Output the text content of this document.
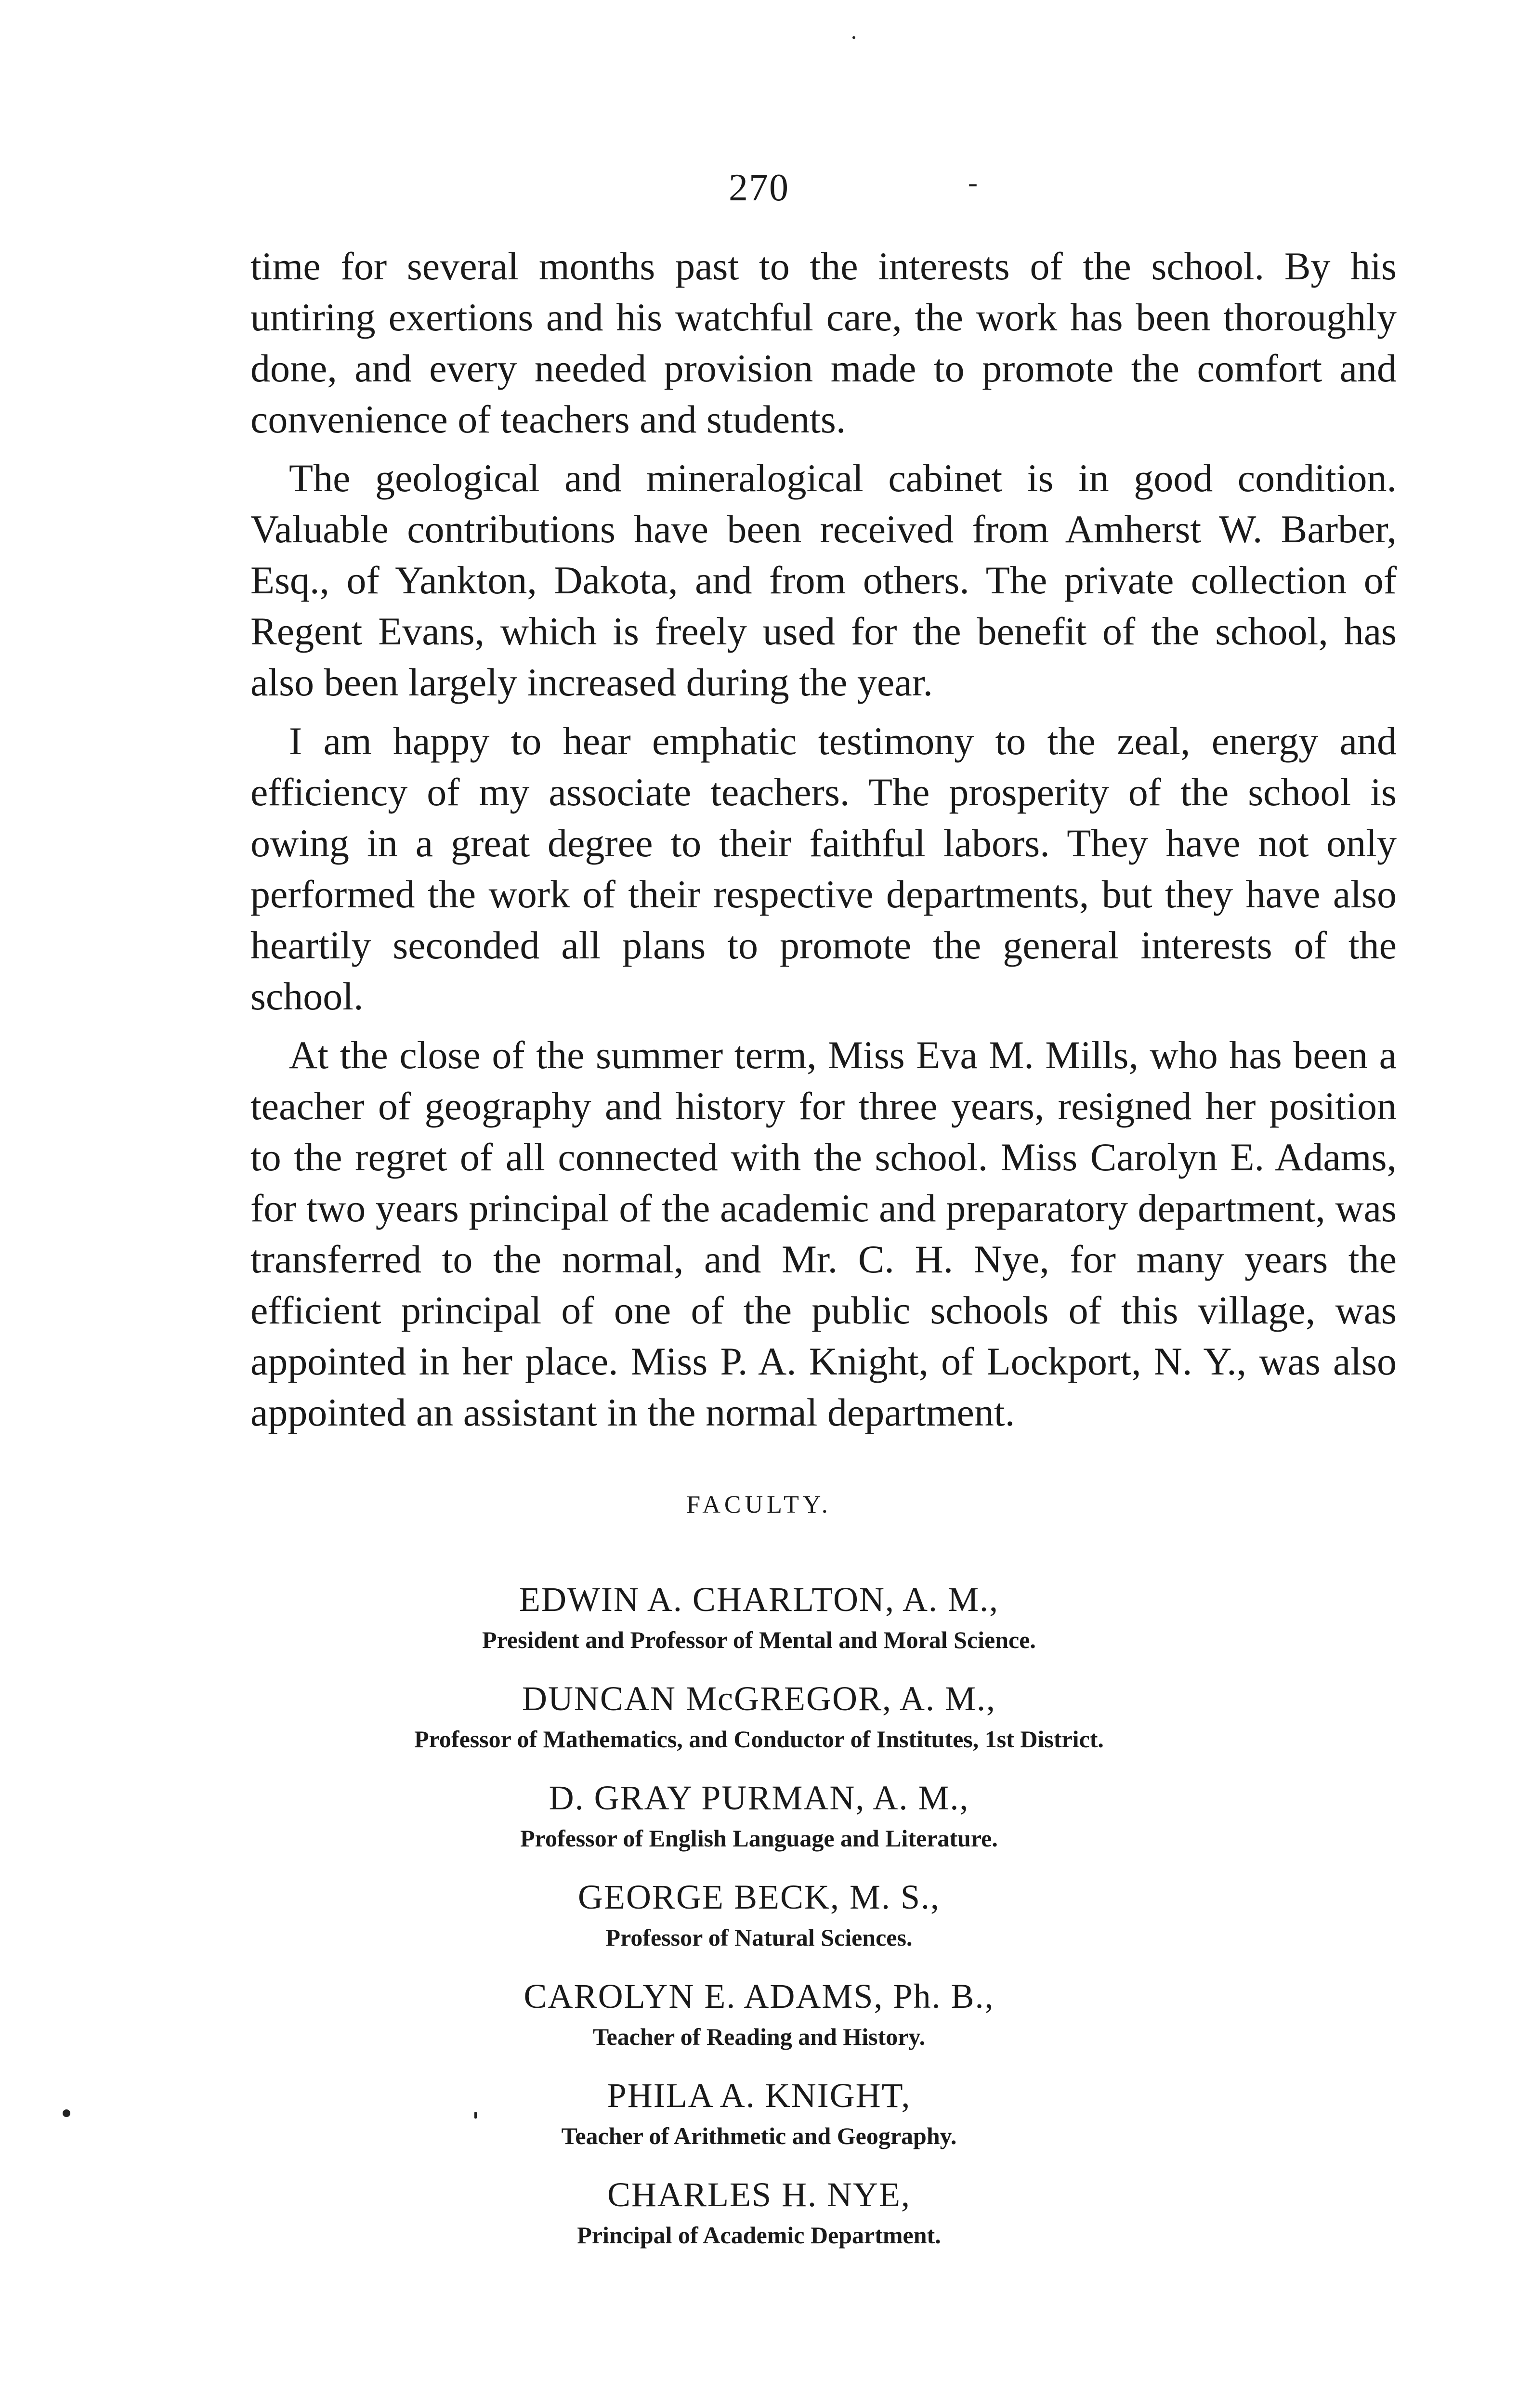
270	-

time for several months past to the interests of the school. By his untiring exertions and his watchful care, the work has been thoroughly done, and every needed provision made to promote the comfort and convenience of teachers and students.

The geological and mineralogical cabinet is in good condition. Valuable contributions have been received from Amherst W. Barber, Esq., of Yankton, Dakota, and from others. The private collection of Regent Evans, which is freely used for the benefit of the school, has also been largely increased during the year.

I am happy to hear emphatic testimony to the zeal, energy and efficiency of my associate teachers. The prosperity of the school is owing in a great degree to their faithful labors. They have not only performed the work of their respective departments, but they have also heartily seconded all plans to promote the general interests of the school.

At the close of the summer term, Miss Eva M. Mills, who has been a teacher of geography and history for three years, resigned her position to the regret of all connected with the school. Miss Carolyn E. Adams, for two years principal of the academic and preparatory department, was transferred to the normal, and Mr. C. H. Nye, for many years the efficient principal of one of the public schools of this village, was appointed in her place. Miss P. A. Knight, of Lockport, N. Y., was also appointed an assistant in the normal department.

FACULTY.
EDWIN A. CHARLTON, A. M.,
President and Professor of Mental and Moral Science.
DUNCAN McGREGOR, A. M.,
Professor of Mathematics, and Conductor of Institutes, 1st District.
D. GRAY PURMAN, A. M.,
Professor of English Language and Literature.
GEORGE BECK, M. S.,
Professor of Natural Sciences.
CAROLYN E. ADAMS, Ph. B.,
Teacher of Reading and History.
PHILA A. KNIGHT,
Teacher of Arithmetic and Geography.
CHARLES H. NYE,
Principal of Academic Department.
